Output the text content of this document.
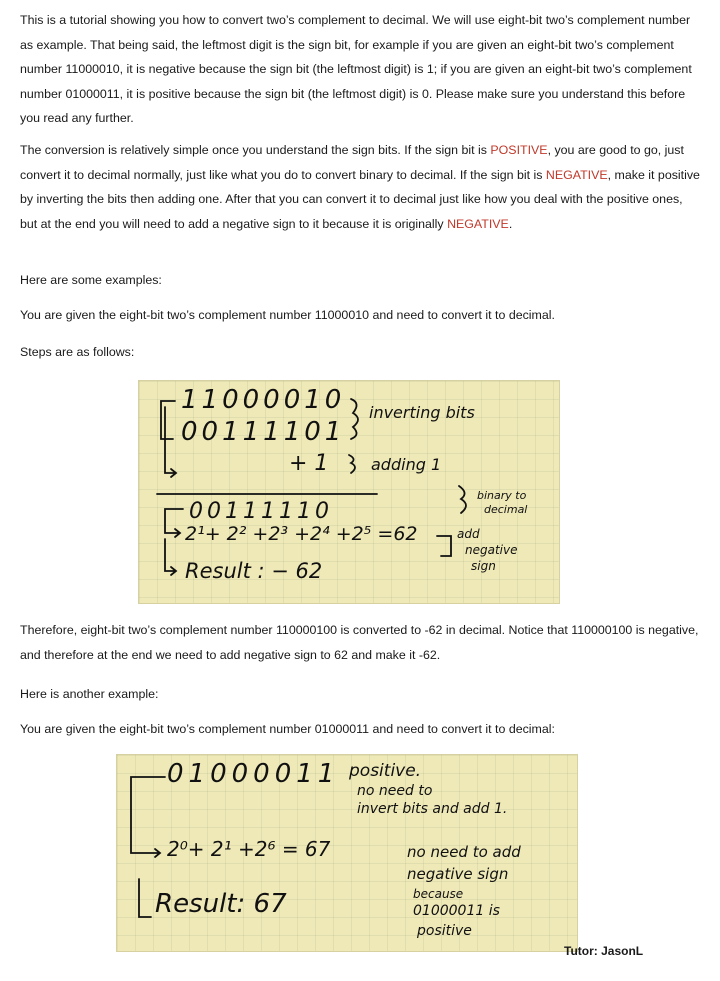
This is a tutorial showing you how to convert two’s complement to decimal. We will use eight-bit two’s complement number as example. That being said, the leftmost digit is the sign bit, for example if you are given an eight-bit two’s complement number 11000010, it is negative because the sign bit (the leftmost digit) is 1; if you are given an eight-bit two’s complement number 01000011, it is positive because the sign bit (the leftmost digit) is 0. Please make sure you understand this before you read any further.

The conversion is relatively simple once you understand the sign bits. If the sign bit is POSITIVE, you are good to go, just convert it to decimal normally, just like what you do to convert binary to decimal. If the sign bit is NEGATIVE, make it positive by inverting the bits then adding one. After that you can convert it to decimal just like how you deal with the positive ones, but at the end you will need to add a negative sign to it because it is originally NEGATIVE.

Here are some examples:

You are given the eight-bit two’s complement number 11000010 and need to convert it to decimal.

Steps are as follows:

11000010
00111101
inverting bits
+ 1	adding 1
00111110
binary to
decimal
2¹+ 2² +2³ +2⁴ +2⁵ =62	add
negative
sign
Result : − 62

Therefore, eight-bit two’s complement number 110000100 is converted to -62 in decimal. Notice that 110000100 is negative, and therefore at the end we need to add negative sign to 62 and make it -62.

Here is another example:

You are given the eight-bit two’s complement number 01000011 and need to convert it to decimal:

01000011 positive.
no need to
invert bits and add 1.
2⁰+ 2¹ +2⁶ = 67	no need to add
negative sign
because
01000011 is
positive
Result: 67
Tutor: JasonL
